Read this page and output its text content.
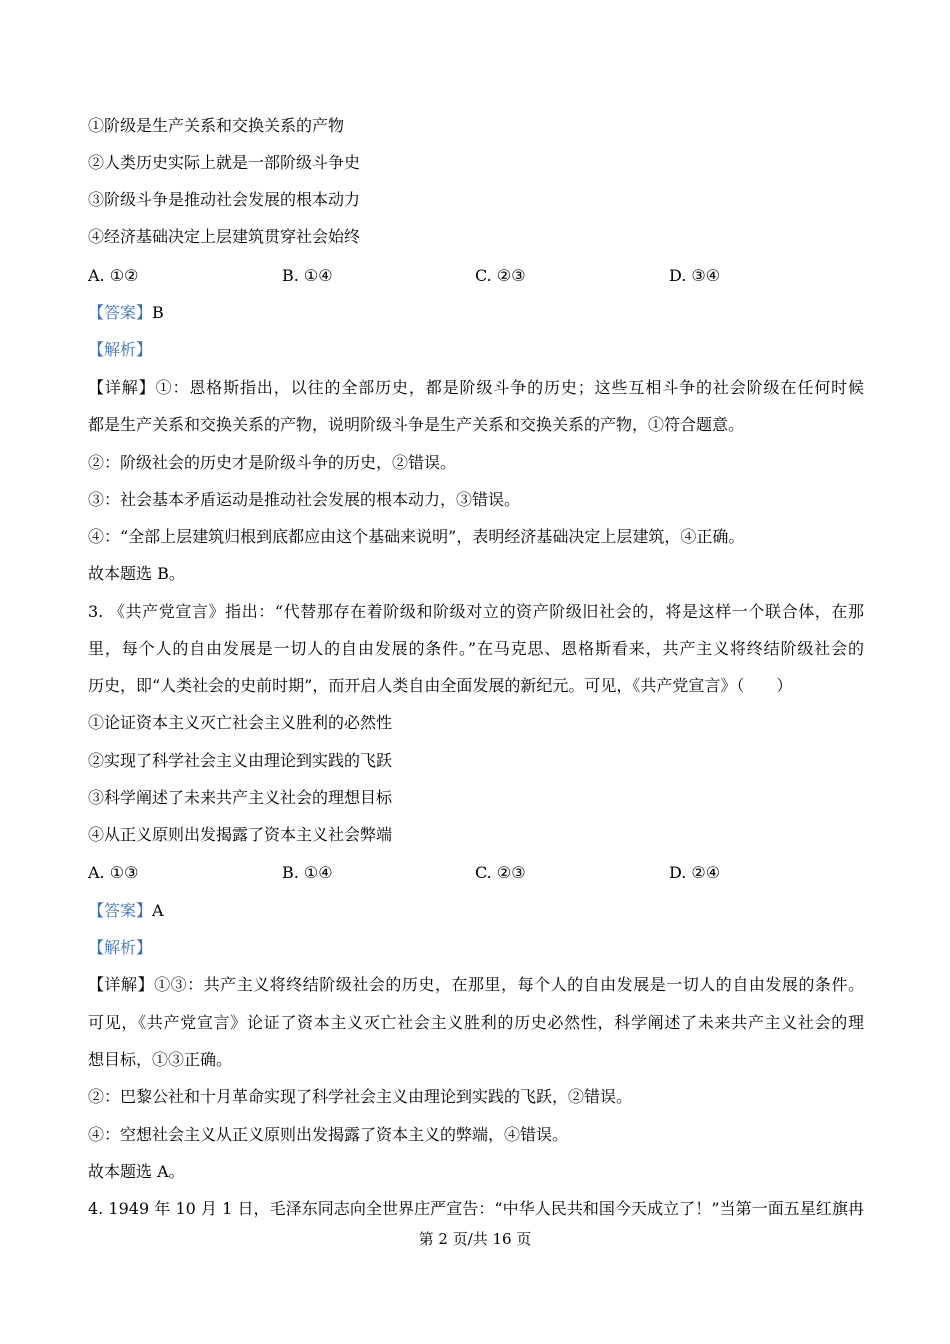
①阶级是生产关系和交换关系的产物
②人类历史实际上就是一部阶级斗争史
③阶级斗争是推动社会发展的根本动力
④经济基础决定上层建筑贯穿社会始终
A. ①②	B. ①④	C. ②③	D. ③④
【答案】B
【解析】
【详解】①：恩格斯指出，以往的全部历史，都是阶级斗争的历史；这些互相斗争的社会阶级在任何时候
都是生产关系和交换关系的产物，说明阶级斗争是生产关系和交换关系的产物，①符合题意。
②：阶级社会的历史才是阶级斗争的历史，②错误。
③：社会基本矛盾运动是推动社会发展的根本动力，③错误。
④：“全部上层建筑归根到底都应由这个基础来说明”，表明经济基础决定上层建筑，④正确。
故本题选 B。
3. 《共产党宣言》指出：“代替那存在着阶级和阶级对立的资产阶级旧社会的，将是这样一个联合体，在那
里，每个人的自由发展是一切人的自由发展的条件。”在马克思、恩格斯看来，共产主义将终结阶级社会的
历史，即“人类社会的史前时期”，而开启人类自由全面发展的新纪元。可见，《共产党宣言》（　　）
①论证资本主义灭亡社会主义胜利的必然性
②实现了科学社会主义由理论到实践的飞跃
③科学阐述了未来共产主义社会的理想目标
④从正义原则出发揭露了资本主义社会弊端
A. ①③	B. ①④	C. ②③	D. ②④
【答案】A
【解析】
【详解】①③：共产主义将终结阶级社会的历史，在那里，每个人的自由发展是一切人的自由发展的条件。
可见，《共产党宣言》论证了资本主义灭亡社会主义胜利的历史必然性，科学阐述了未来共产主义社会的理
想目标，①③正确。
②：巴黎公社和十月革命实现了科学社会主义由理论到实践的飞跃，②错误。
④：空想社会主义从正义原则出发揭露了资本主义的弊端，④错误。
故本题选 A。
4. 1949 年 10 月 1 日，毛泽东同志向全世界庄严宣告：“中华人民共和国今天成立了！”当第一面五星红旗冉
第 2 页/共 16 页
